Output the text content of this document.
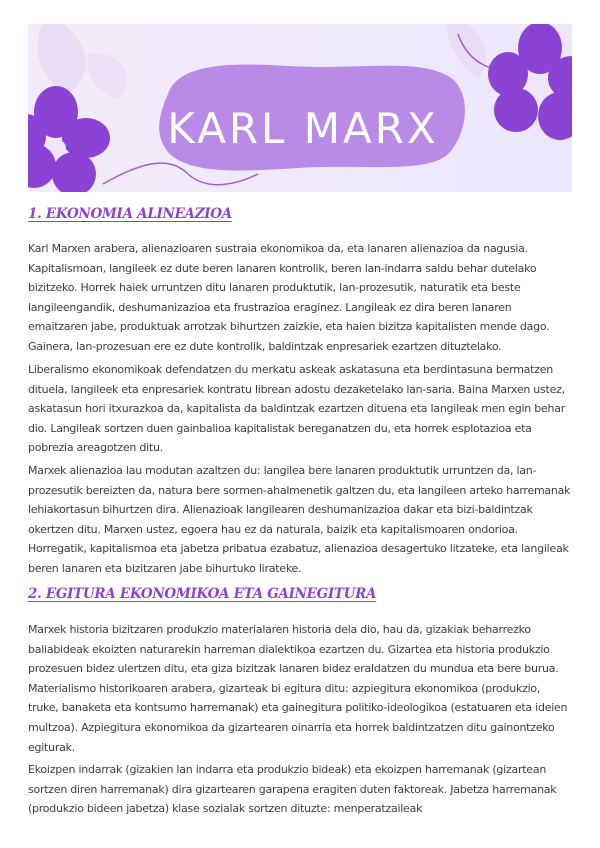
KARL MARX
1. EKONOMIA ALINEAZIOA

Karl Marxen arabera, alienazioaren sustraia ekonomikoa da, eta lanaren alienazioa da nagusia. Kapitalismoan, langileek ez dute beren lanaren kontrolik, beren lan-indarra saldu behar dutelako bizitzeko. Horrek haiek urruntzen ditu lanaren produktutik, lan-prozesutik, naturatik eta beste langileengandik, deshumanizazioa eta frustrazioa eraginez. Langileak ez dira beren lanaren emaitzaren jabe, produktuak arrotzak bihurtzen zaizkie, eta haien bizitza kapitalisten mende dago. Gainera, lan-prozesuan ere ez dute kontrolik, baldintzak enpresariek ezartzen dituztelako.

Liberalismo ekonomikoak defendatzen du merkatu askeak askatasuna eta berdintasuna bermatzen dituela, langileek eta enpresariek kontratu librean adostu dezaketelako lan-saria. Baina Marxen ustez, askatasun hori itxurazkoa da, kapitalista da baldintzak ezartzen dituena eta langileak men egin behar dio. Langileak sortzen duen gainbalioa kapitalistak bereganatzen du, eta horrek esplotazioa eta pobrezia areagotzen ditu.

Marxek alienazioa lau modutan azaltzen du: langilea bere lanaren produktutik urruntzen da, lan-prozesutik bereizten da, natura bere sormen-ahalmenetik galtzen du, eta langileen arteko harremanak lehiakortasun bihurtzen dira. Alienazioak langilearen deshumanizazioa dakar eta bizi-baldintzak okertzen ditu. Marxen ustez, egoera hau ez da naturala, baizik eta kapitalismoaren ondorioa. Horregatik, kapitalismoa eta jabetza pribatua ezabatuz, alienazioa desagertuko litzateke, eta langileak beren lanaren eta bizitzaren jabe bihurtuko lirateke.

2. EGITURA EKONOMIKOA ETA GAINEGITURA

Marxek historia bizitzaren produkzio materialaren historia dela dio, hau da, gizakiak beharrezko baliabideak ekoizten naturarekin harreman dialektikoa ezartzen du. Gizartea eta historia produkzio prozesuen bidez ulertzen ditu, eta giza bizitzak lanaren bidez eraldatzen du mundua eta bere burua. Materialismo historikoaren arabera, gizarteak bi egitura ditu: azpiegitura ekonomikoa (produkzio, truke, banaketa eta kontsumo harremanak) eta gainegitura politiko-ideologikoa (estatuaren eta ideien multzoa). Azpiegitura ekonomikoa da gizartearen oinarria eta horrek baldintzatzen ditu gainontzeko egiturak.

Ekoizpen indarrak (gizakien lan indarra eta produkzio bideak) eta ekoizpen harremanak (gizartean sortzen diren harremanak) dira gizartearen garapena eragiten duten faktoreak. Jabetza harremanak (produkzio bideen jabetza) klase sozialak sortzen dituzte: menperatzaileak
